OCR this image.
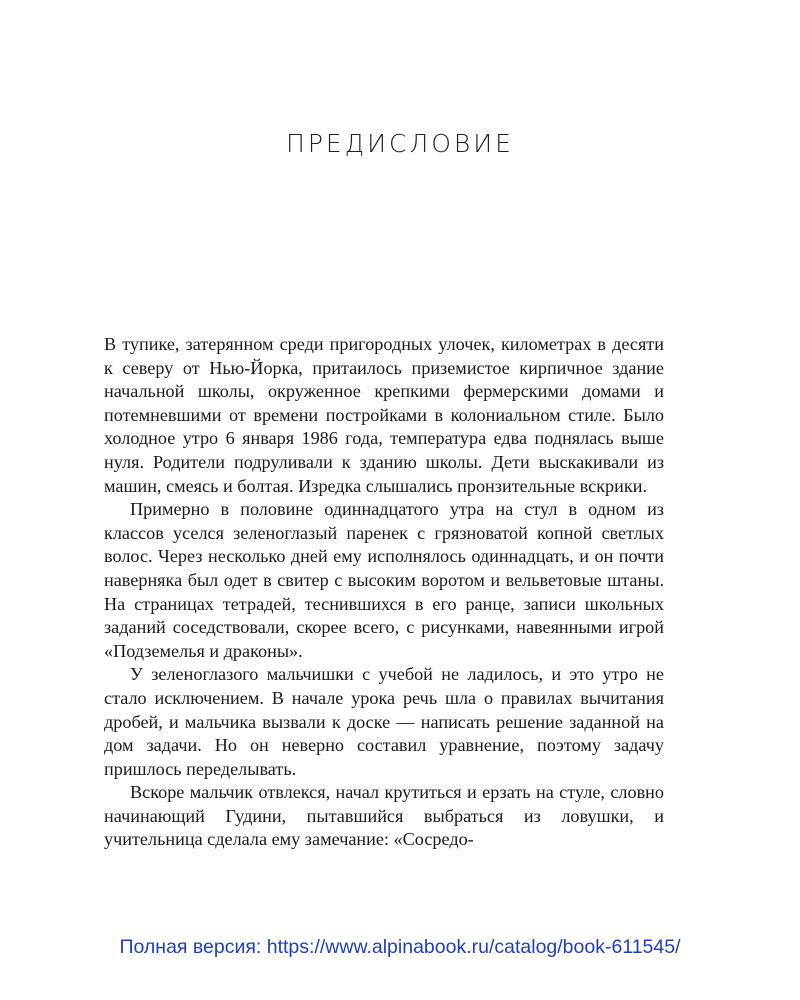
ПРЕДИСЛОВИЕ

В тупике, затерянном среди пригородных улочек, километрах в десяти к северу от Нью-Йорка, притаилось приземистое кирпичное здание начальной школы, окруженное крепкими фермерскими домами и потемневшими от времени постройками в колониальном стиле. Было холодное утро 6 января 1986 года, температура едва поднялась выше нуля. Родители подруливали к зданию школы. Дети выскакивали из машин, смеясь и болтая. Изредка слышались пронзительные вскрики.

Примерно в половине одиннадцатого утра на стул в одном из классов уселся зеленоглазый паренек с грязноватой копной светлых волос. Через несколько дней ему исполнялось одиннадцать, и он почти наверняка был одет в свитер с высоким воротом и вельветовые штаны. На страницах тетрадей, теснившихся в его ранце, записи школьных заданий соседствовали, скорее всего, с рисунками, навеянными игрой «Подземелья и драконы».

У зеленоглазого мальчишки с учебой не ладилось, и это утро не стало исключением. В начале урока речь шла о правилах вычитания дробей, и мальчика вызвали к доске — написать решение заданной на дом задачи. Но он неверно составил уравнение, поэтому задачу пришлось переделывать.

Вскоре мальчик отвлекся, начал крутиться и ерзать на стуле, словно начинающий Гудини, пытавшийся выбраться из ловушки, и учительница сделала ему замечание: «Сосредо-

Полная версия: https://www.alpinabook.ru/catalog/book-611545/
